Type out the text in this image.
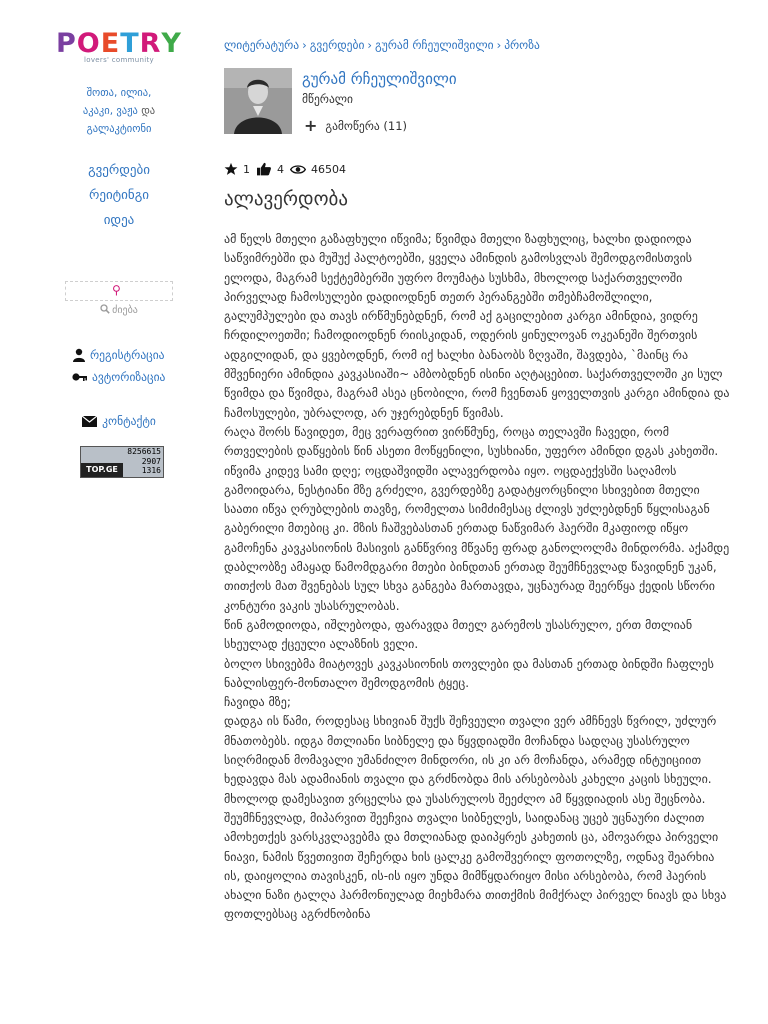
POETRY
lovers' community
შოთა, ილია,
აკაკი, ვაჟა და
გალაკტიონი
გვერდები
რეიტინგი
იდეა
⚲
ძიება
რეგისტრაცია
ავტორიზაცია
კონტაქტი
8256615
2907
1316
TOP.GE
ლიტერატურა › გვერდები › გურამ რჩეულიშვილი › პროზა
გურამ რჩეულიშვილი
მწერალი
+ გამოწერა (11)
1 4 46504
ალავერდობა
ამ წელს მთელი გაზაფხული იწვიმა; წვიმდა მთელი ზაფხულიც, ხალხი დადიოდა საწვიმრებში და მუშუქ პალტოებში, ყველა ამინდის გამოსვლას შემოდგომისთვის ელოდა, მაგრამ სექტემბერში უფრო მოუმატა სუსხმა, მხოლოდ საქართველოში პირველად ჩამოსულები დადიოდნენ თეთრ პერანგებში თმებჩამოშლილი, გალუმპულები და თავს ირწმუნებდნენ, რომ აქ გაცილებით კარგი ამინდია, ვიდრე ჩრდილოეთში; ჩამოდიოდნენ რიისკიდან, ოდერის ყინულოვან ოკეანეში შერთვის ადგილიდან, და ყვებოდნენ, რომ იქ ხალხი ბანაობს ზღვაში, შავდება, `მაინც რა მშვენიერი ამინდია კავკასიაში~ ამბობდნენ ისინი აღტაცებით. საქართველოში კი სულ წვიმდა და წვიმდა, მაგრამ ასეა ცნობილი, რომ ჩვენთან ყოველთვის კარგი ამინდია და ჩამოსულები, უბრალოდ, არ უჯერებდნენ წვიმას.
რაღა შორს წავიდეთ, მეც ვერაფრით ვირწმუნე, როცა თელავში ჩავედი, რომ რთველების დაწყების წინ ასეთი მოწყენილი, სუსხიანი, უფერო ამინდი დგას კახეთში.
იწვიმა კიდევ სამი დღე; ოცდაშვიდში ალავერდობა იყო. ოცდაექვსში საღამოს გამოიდარა, ნესტიანი მზე გრძელი, გვერდებზე გადატყორცნილი სხივებით მთელი საათი იწვა ღრუბლების თავზე, რომელთა სიმძიმესაც ძლივს უძლებდნენ წყლისაგან გაბერილი მთებიც კი. მზის ჩაშვებასთან ერთად ნაწვიმარ ჰაერში მკაფიოდ იწყო გამოჩენა კავკასიონის მასივის განწვრივ მწვანე ფრად განოლოლმა მინდორმა. აქამდე დაბლობზე ამაყად წამომდგარი მთები ბინდთან ერთად შეუმჩნევლად წავიდნენ უკან, თითქოს მათ შვენებას სულ სხვა განგება მართავდა, უცნაურად შეერწყა ქედის სწორი კონტური ვაკის უსასრულობას.
წინ გამოდიოდა, იშლებოდა, ფარავდა მთელ გარემოს უსასრულო, ერთ მთლიან სხეულად ქცეული ალაზნის ველი.
ბოლო სხივებმა მიატოვეს კავკასიონის თოვლები და მასთან ერთად ბინდში ჩაფლეს ნაბლისფერ-მონთალო შემოდგომის ტყეც.
ჩავიდა მზე;
დადგა ის წამი, როდესაც სხივიან შუქს შეჩვეული თვალი ვერ ამჩნევს წვრილ, უძლურ მნათობებს. იდგა მთლიანი სიბნელე და წყვდიადში მოჩანდა სადღაც უსასრულო სიღრმიდან მომავალი უმანძილო მინდორი, ის კი არ მოჩანდა, არამედ ინტუიციით ხედავდა მას ადამიანის თვალი და გრძნობდა მის არსებობას კახელი კაცის სხეული. მხოლოდ დამესავით ვრცელსა და უსასრულოს შეეძლო ამ წყვდიადის ასე შეცნობა.
შეუმჩნევლად, მიპარვით შეეჩვია თვალი სიბნელეს, საიდანაც უცებ უცნაური ძალით ამოხეთქეს ვარსკვლავებმა და მთლიანად დაიპყრეს კახეთის ცა, ამოვარდა პირველი ნიავი, ნამის წვეთივით შეჩერდა ხის ცალკე გამოშვერილ ფოთოლზე, ოდნავ შეარხია ის, დაიყოლია თავისკენ, ის-ის იყო უნდა მიმწყდარიყო მისი არსებობა, რომ ჰაერის ახალი ნაზი ტალღა ჰარმონიულად მიეხმარა თითქმის მიმქრალ პირველ ნიავს და სხვა ფოთლებსაც აგრძნობინა
